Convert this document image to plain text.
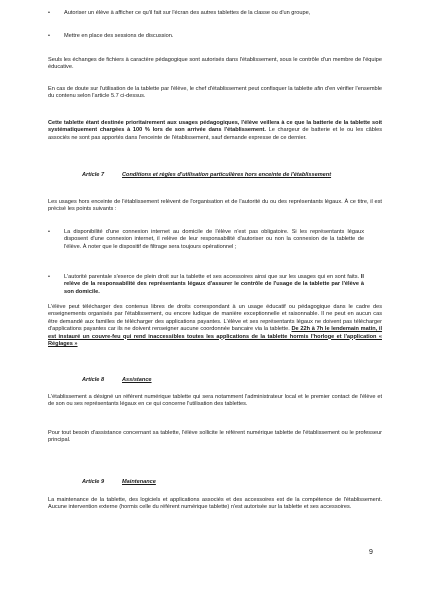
•	Autoriser un élève à afficher ce qu'il fait sur l'écran des autres tablettes de la classe ou d'un groupe,
•	Mettre en place des sessions de discussion.

Seuls les échanges de fichiers à caractère pédagogique sont autorisés dans l'établissement, sous le contrôle d'un membre de l'équipe éducative.

En cas de doute sur l'utilisation de la tablette par l'élève, le chef d'établissement peut confisquer la tablette afin d'en vérifier l'ensemble du contenu selon l'article 5.7 ci-dessus.

Cette tablette étant destinée prioritairement aux usages pédagogiques, l'élève veillera à ce que la batterie de la tablette soit systématiquement chargées à 100 % lors de son arrivée dans l'établissement. Le chargeur de batterie et le ou les câbles associés ne sont pas apportés dans l'enceinte de l'établissement, sauf demande expresse de ce dernier.

Article 7	Conditions et règles d'utilisation particulières hors enceinte de l'établissement

Les usages hors enceinte de l'établissement relèvent de l'organisation et de l'autorité du ou des représentants légaux. À ce titre, il est précisé les points suivants :

•	La disponibilité d'une connexion internet au domicile de l'élève n'est pas obligatoire. Si les représentants légaux disposent d'une connexion internet, il relève de leur responsabilité d'autoriser ou non la connexion de la tablette de l'élève. À noter que le dispositif de filtrage sera toujours opérationnel ;
•	L'autorité parentale s'exerce de plein droit sur la tablette et ses accessoires ainsi que sur les usages qui en sont faits. Il relève de la responsabilité des représentants légaux d'assurer le contrôle de l'usage de la tablette par l'élève à son domicile.

L'élève peut télécharger des contenus libres de droits correspondant à un usage éducatif ou pédagogique dans le cadre des enseignements organisés par l'établissement, ou encore ludique de manière exceptionnelle et raisonnable. Il ne peut en aucun cas être demandé aux familles de télécharger des applications payantes. L'élève et ses représentants légaux ne doivent pas télécharger d'applications payantes car ils ne doivent renseigner aucune coordonnée bancaire via la tablette. De 22h à 7h le lendemain matin, il est instauré un couvre-feu qui rend inaccessibles toutes les applications de la tablette hormis l'horloge et l'application « Réglages »

Article 8	Assistance

L'établissement a désigné un référent numérique tablette qui sera notamment l'administrateur local et le premier contact de l'élève et de son ou ses représentants légaux en ce qui concerne l'utilisation des tablettes.

Pour tout besoin d'assistance concernant sa tablette, l'élève sollicite le référent numérique tablette de l'établissement ou le professeur principal.

Article 9	Maintenance

La maintenance de la tablette, des logiciels et applications associés et des accessoires est de la compétence de l'établissement. Aucune intervention externe (hormis celle du référent numérique tablette) n'est autorisée sur la tablette et ses accessoires.

9
